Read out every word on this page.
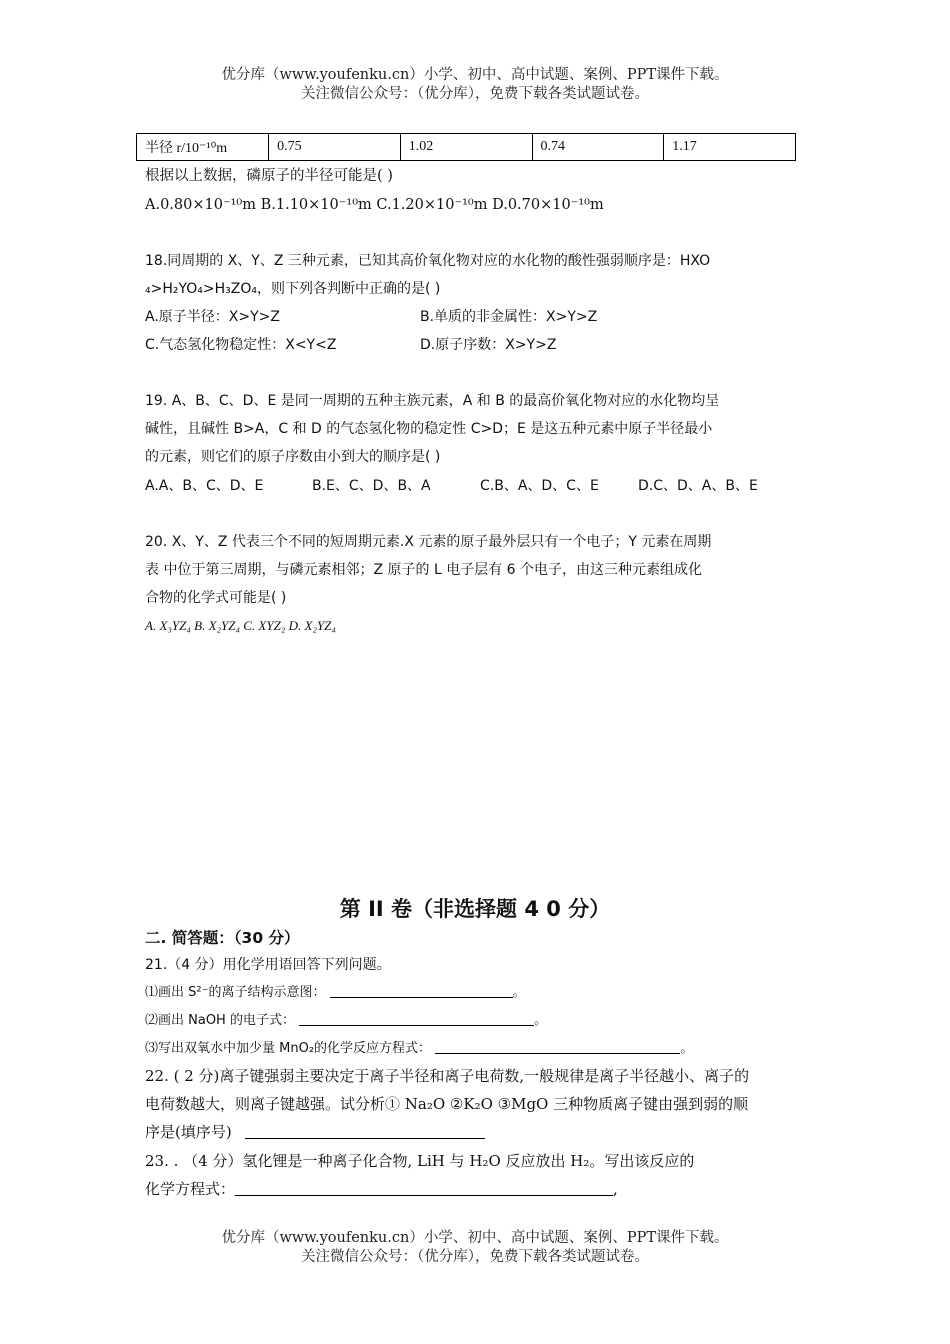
优分库（www.youfenku.cn）小学、初中、高中试题、案例、PPT课件下载。
关注微信公众号：（优分库），免费下载各类试题试卷。
半径 r/10⁻¹⁰m	0.75	1.02	0.74	1.17
根据以上数据，磷原子的半径可能是( )
A.0.80×10⁻¹⁰m B.1.10×10⁻¹⁰m C.1.20×10⁻¹⁰m D.0.70×10⁻¹⁰m
18.同周期的 X、Y、Z 三种元素，已知其高价氧化物对应的水化物的酸性强弱顺序是：HXO
₄>H₂YO₄>H₃ZO₄，则下列各判断中正确的是( )
A.原子半径：X>Y>Z	B.单质的非金属性：X>Y>Z
C.气态氢化物稳定性：X<Y<Z	D.原子序数：X>Y>Z
19. A、B、C、D、E 是同一周期的五种主族元素，A 和 B 的最高价氧化物对应的水化物均呈
碱性，且碱性 B>A，C 和 D 的气态氢化物的稳定性 C>D；E 是这五种元素中原子半径最小
的元素，则它们的原子序数由小到大的顺序是( )
A.A、B、C、D、E	B.E、C、D、B、A	C.B、A、D、C、E	D.C、D、A、B、E
20. X、Y、Z 代表三个不同的短周期元素.X 元素的原子最外层只有一个电子；Y 元素在周期
表 中位于第三周期，与磷元素相邻；Z 原子的 L 电子层有 6 个电子，由这三种元素组成化
合物的化学式可能是( )
A. X₃YZ₄ B. X₂YZ₄ C. XYZ₂ D. X₂YZ₄
第 II 卷（非选择题 4 0 分）
二. 简答题：（30 分）
21.（4 分）用化学用语回答下列问题。
⑴画出 S²⁻的离子结构示意图：	。
⑵画出 NaOH 的电子式：	。
⑶写出双氧水中加少量 MnO₂的化学反应方程式：	。
22. ( 2 分)离子键强弱主要决定于离子半径和离子电荷数,一般规律是离子半径越小、离子的
电荷数越大，则离子键越强。试分析① Na₂O ②K₂O ③MgO 三种物质离子键由强到弱的顺
序是(填序号)
23. . （4 分）氢化锂是一种离子化合物, LiH 与 H₂O 反应放出 H₂。写出该反应的
化学方程式：	,
优分库（www.youfenku.cn）小学、初中、高中试题、案例、PPT课件下载。
关注微信公众号：（优分库），免费下载各类试题试卷。
